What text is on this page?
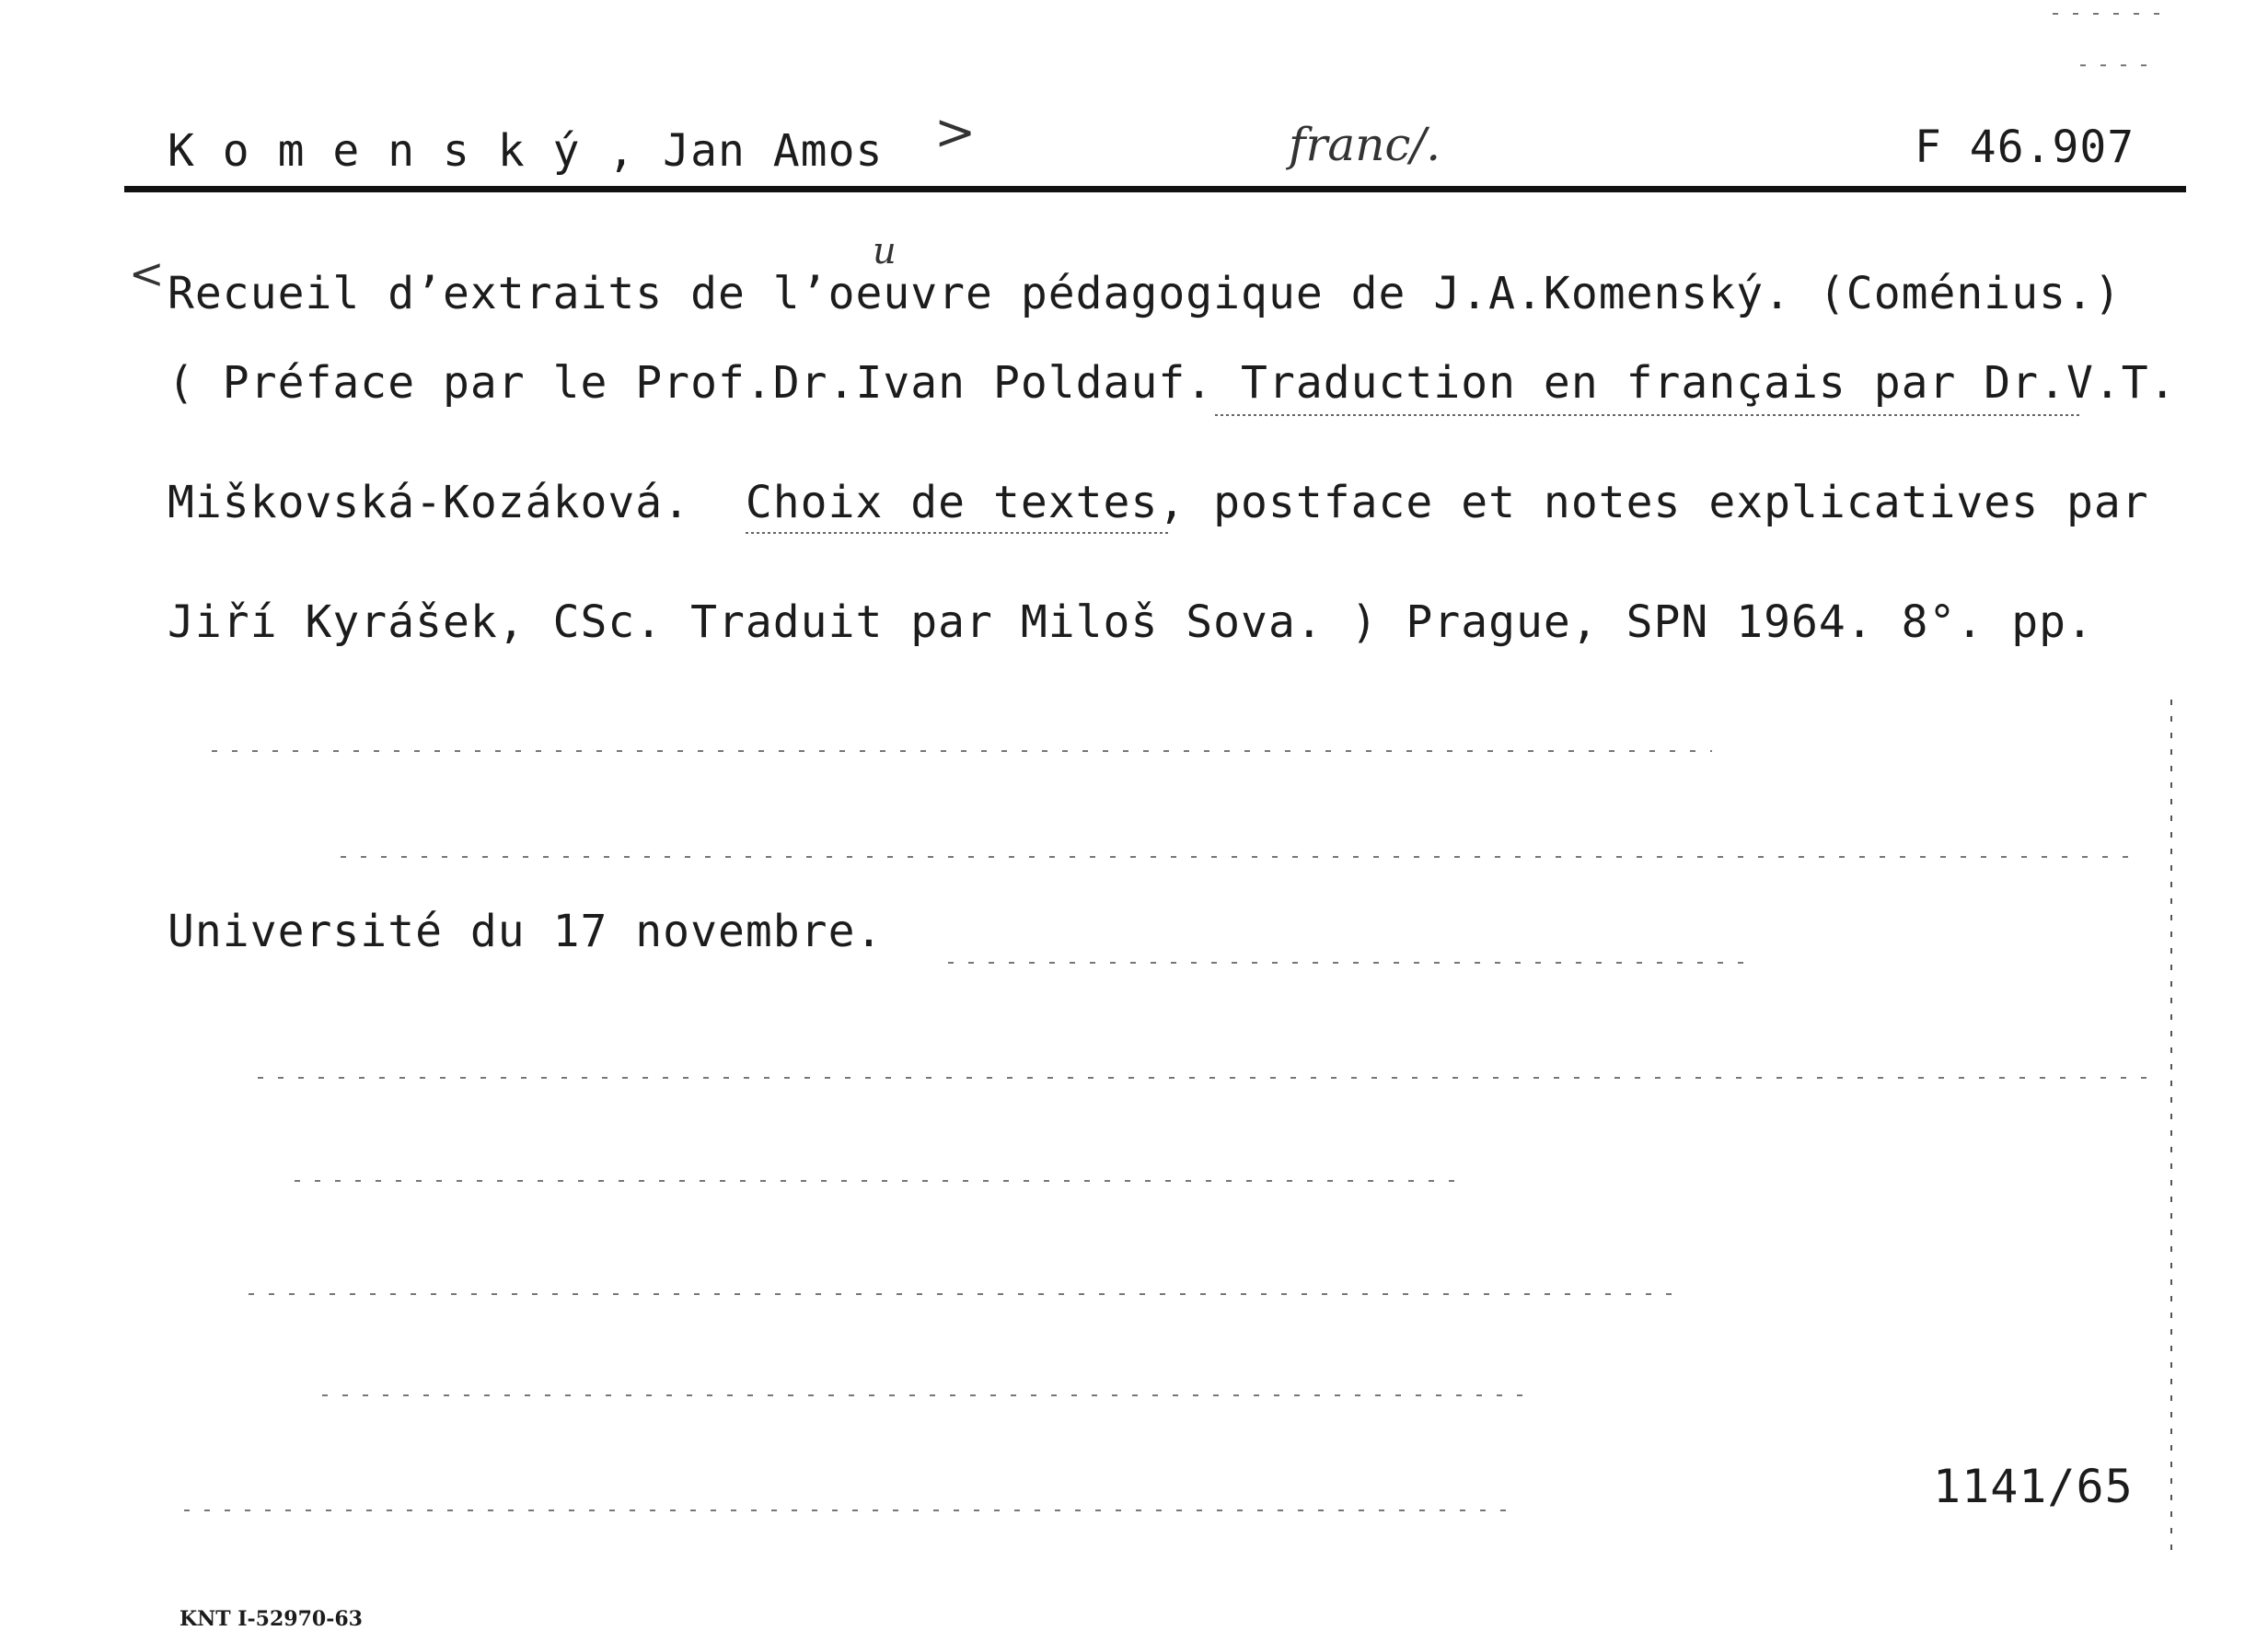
K o m e n s k ý , Jan Amos >	franc/.	F 46.907
u
< Recueil d’extraits de l’oeuvre pédagogique de J.A.Komenský. (Coménius.)
( Préface par le Prof.Dr.Ivan Poldauf. Traduction en français par Dr.V.T.
Miškovská-Kozáková.  Choix de textes, postface et notes explicatives par
Jiří Kyrášek, CSc. Traduit par Miloš Sova. ) Prague, SPN 1964. 8°. pp.
Université du 17 novembre.
1141/65
KNT I-52970-63
